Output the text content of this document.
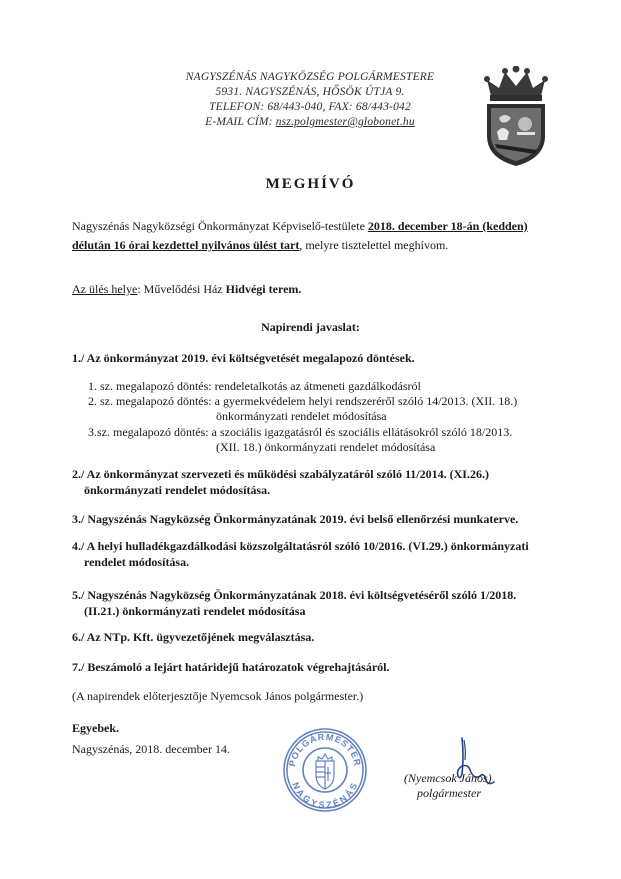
NAGYSZÉNÁS NAGYKÖZSÉG POLGÁRMESTERE
5931. NAGYSZÉNÁS, HŐSÖK ÚTJA 9.
TELEFON: 68/443-040, FAX: 68/443-042
E-MAIL CÍM: nsz.polgmester@globonet.hu
MEGHÍVÓ
Nagyszénás Nagyközségi Önkormányzat Képviselő-testülete 2018. december 18-án (kedden) délután 16 órai kezdettel nyilvános ülést tart, melyre tisztelettel meghívom.
Az ülés helye: Művelődési Ház Hidvégi terem.
Napirendi javaslat:
1./ Az önkormányzat 2019. évi költségvetését megalapozó döntések.
1. sz. megalapozó döntés: rendeletalkotás az átmeneti gazdálkodásról
2. sz. megalapozó döntés: a gyermekvédelem helyi rendszeréről szóló 14/2013. (XII. 18.)
önkormányzati rendelet módosítása
3.sz. megalapozó döntés: a szociális igazgatásról és szociális ellátásokról szóló 18/2013.
(XII. 18.) önkormányzati rendelet módosítása
2./ Az önkormányzat szervezeti és működési szabályzatáról szóló 11/2014. (XI.26.)
önkormányzati rendelet módosítása.
3./ Nagyszénás Nagyközség Önkormányzatának 2019. évi belső ellenőrzési munkaterve.
4./ A helyi hulladékgazdálkodási közszolgáltatásról szóló 10/2016. (VI.29.) önkormányzati
rendelet módosítása.
5./ Nagyszénás Nagyközség Önkormányzatának 2018. évi költségvetéséről szóló 1/2018.
(II.21.) önkormányzati rendelet módosítása
6./ Az NTp. Kft. ügyvezetőjének megválasztása.
7./ Beszámoló a lejárt határidejű határozatok végrehajtásáról.
(A napirendek előterjesztője Nyemcsok János polgármester.)
Egyebek.
Nagyszénás, 2018. december 14.
POLGÁRMESTER
NAGYSZÉNÁS
(Nyemcsok János)
polgármester
